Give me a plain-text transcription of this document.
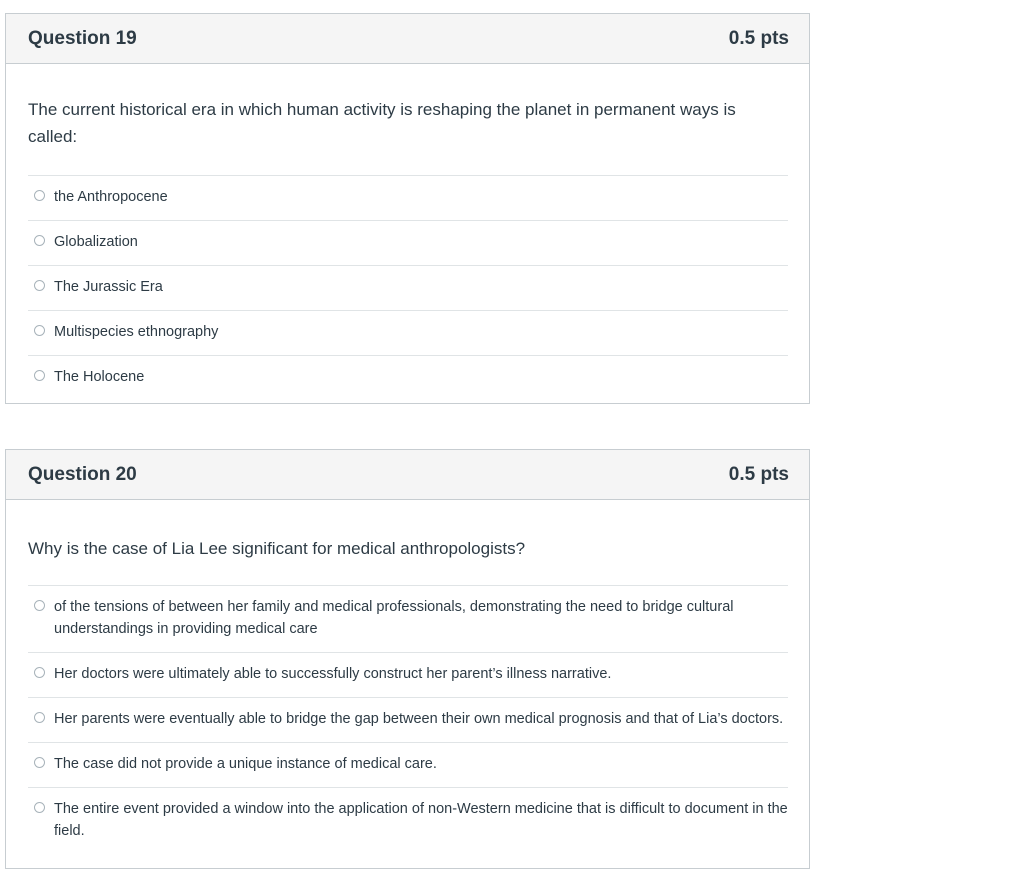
Question 19	0.5 pts
The current historical era in which human activity is reshaping the planet in permanent ways is called:
the Anthropocene
Globalization
The Jurassic Era
Multispecies ethnography
The Holocene
Question 20	0.5 pts
Why is the case of Lia Lee significant for medical anthropologists?
of the tensions of between her family and medical professionals, demonstrating the need to bridge cultural understandings in providing medical care
Her doctors were ultimately able to successfully construct her parent’s illness narrative.
Her parents were eventually able to bridge the gap between their own medical prognosis and that of Lia’s doctors.
The case did not provide a unique instance of medical care.
The entire event provided a window into the application of non-Western medicine that is difficult to document in the field.
